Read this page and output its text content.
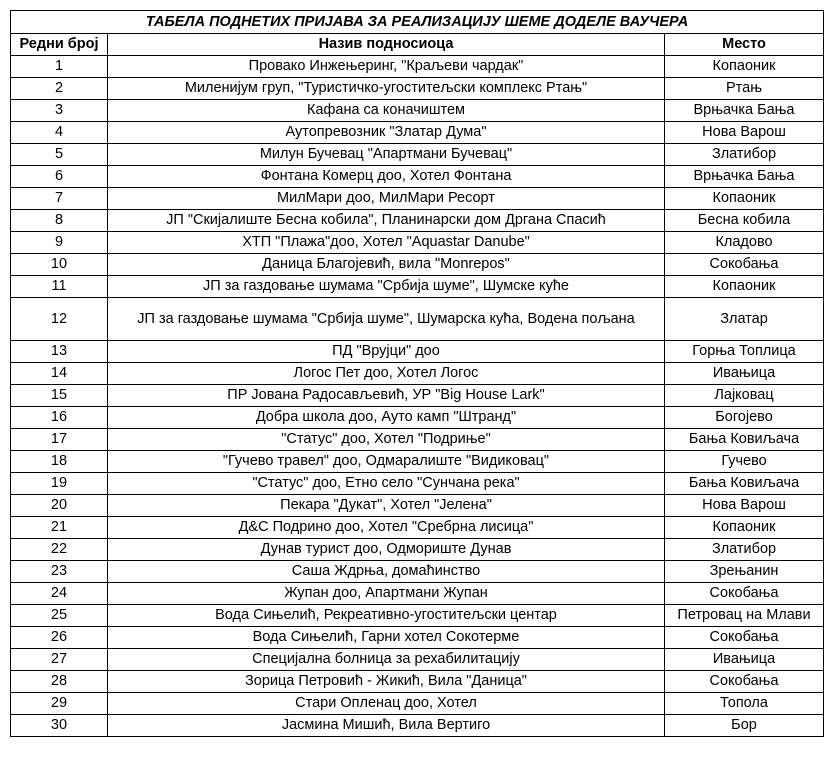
ТАБЕЛА ПОДНЕТИХ ПРИЈАВА ЗА РЕАЛИЗАЦИЈУ ШЕМЕ ДОДЕЛЕ ВАУЧЕРА		
Редни број	Назив подносиоца	Место
1	Провако Инжењеринг, "Краљеви чардак"	Копаоник
2	Миленијум груп, "Туристичко-угоститељски комплекс Ртањ"	Ртањ
3	Кафана са коначиштем	Врњачка Бања
4	Аутопревозник "Златар Дума"	Нова Варош
5	Милун Бучевац "Апартмани Бучевац"	Златибор
6	Фонтана Комерц доо, Хотел Фонтана	Врњачка Бања
7	МилМари доо, МилМари Ресорт	Копаоник
8	ЈП "Скијалиште Бесна кобила", Планинарски дом Дргана Спасић	Бесна кобила
9	ХТП "Плажа"доо, Хотел "Aquastar Danube"	Кладово
10	Даница Благојевић, вила "Monrepos"	Сокобања
11	ЈП за газдовање шумама "Србија шуме", Шумске куће	Копаоник
12	ЈП за газдовање шумама "Србија шуме", Шумарска кућа, Водена пољана	Златар
13	ПД "Врујци" доо	Горња Топлица
14	Логос Пет доо, Хотел Логос	Ивањица
15	ПР Јована Радосављевић, УР "Big House Lark"	Лајковац
16	Добра школа доо, Ауто камп "Штранд"	Богојево
17	"Статус" доо, Хотел "Подриње"	Бања Ковиљача
18	"Гучево травел" доо, Одмаралиште "Видиковац"	Гучево
19	"Статус" доо, Етно село "Сунчана река"	Бања Ковиљача
20	Пекара "Дукат", Хотел "Јелена"	Нова Варош
21	Д&С Подрино доо, Хотел "Сребрна лисица"	Копаоник
22	Дунав турист доо, Одмориште Дунав	Златибор
23	Саша Ждрња, домаћинство	Зрењанин
24	Жупан доо, Апартмани Жупан	Сокобања
25	Вода Сињелић, Рекреативно-угоститељски центар	Петровац на Млави
26	Вода Сињелић, Гарни хотел Сокотерме	Сокобања
27	Специјална болница за рехабилитацију	Ивањица
28	Зорица Петровић - Жикић, Вила "Даница"	Сокобања
29	Стари Опленац доо, Хотел	Топола
30	Јасмина Мишић, Вила Вертиго	Бор
